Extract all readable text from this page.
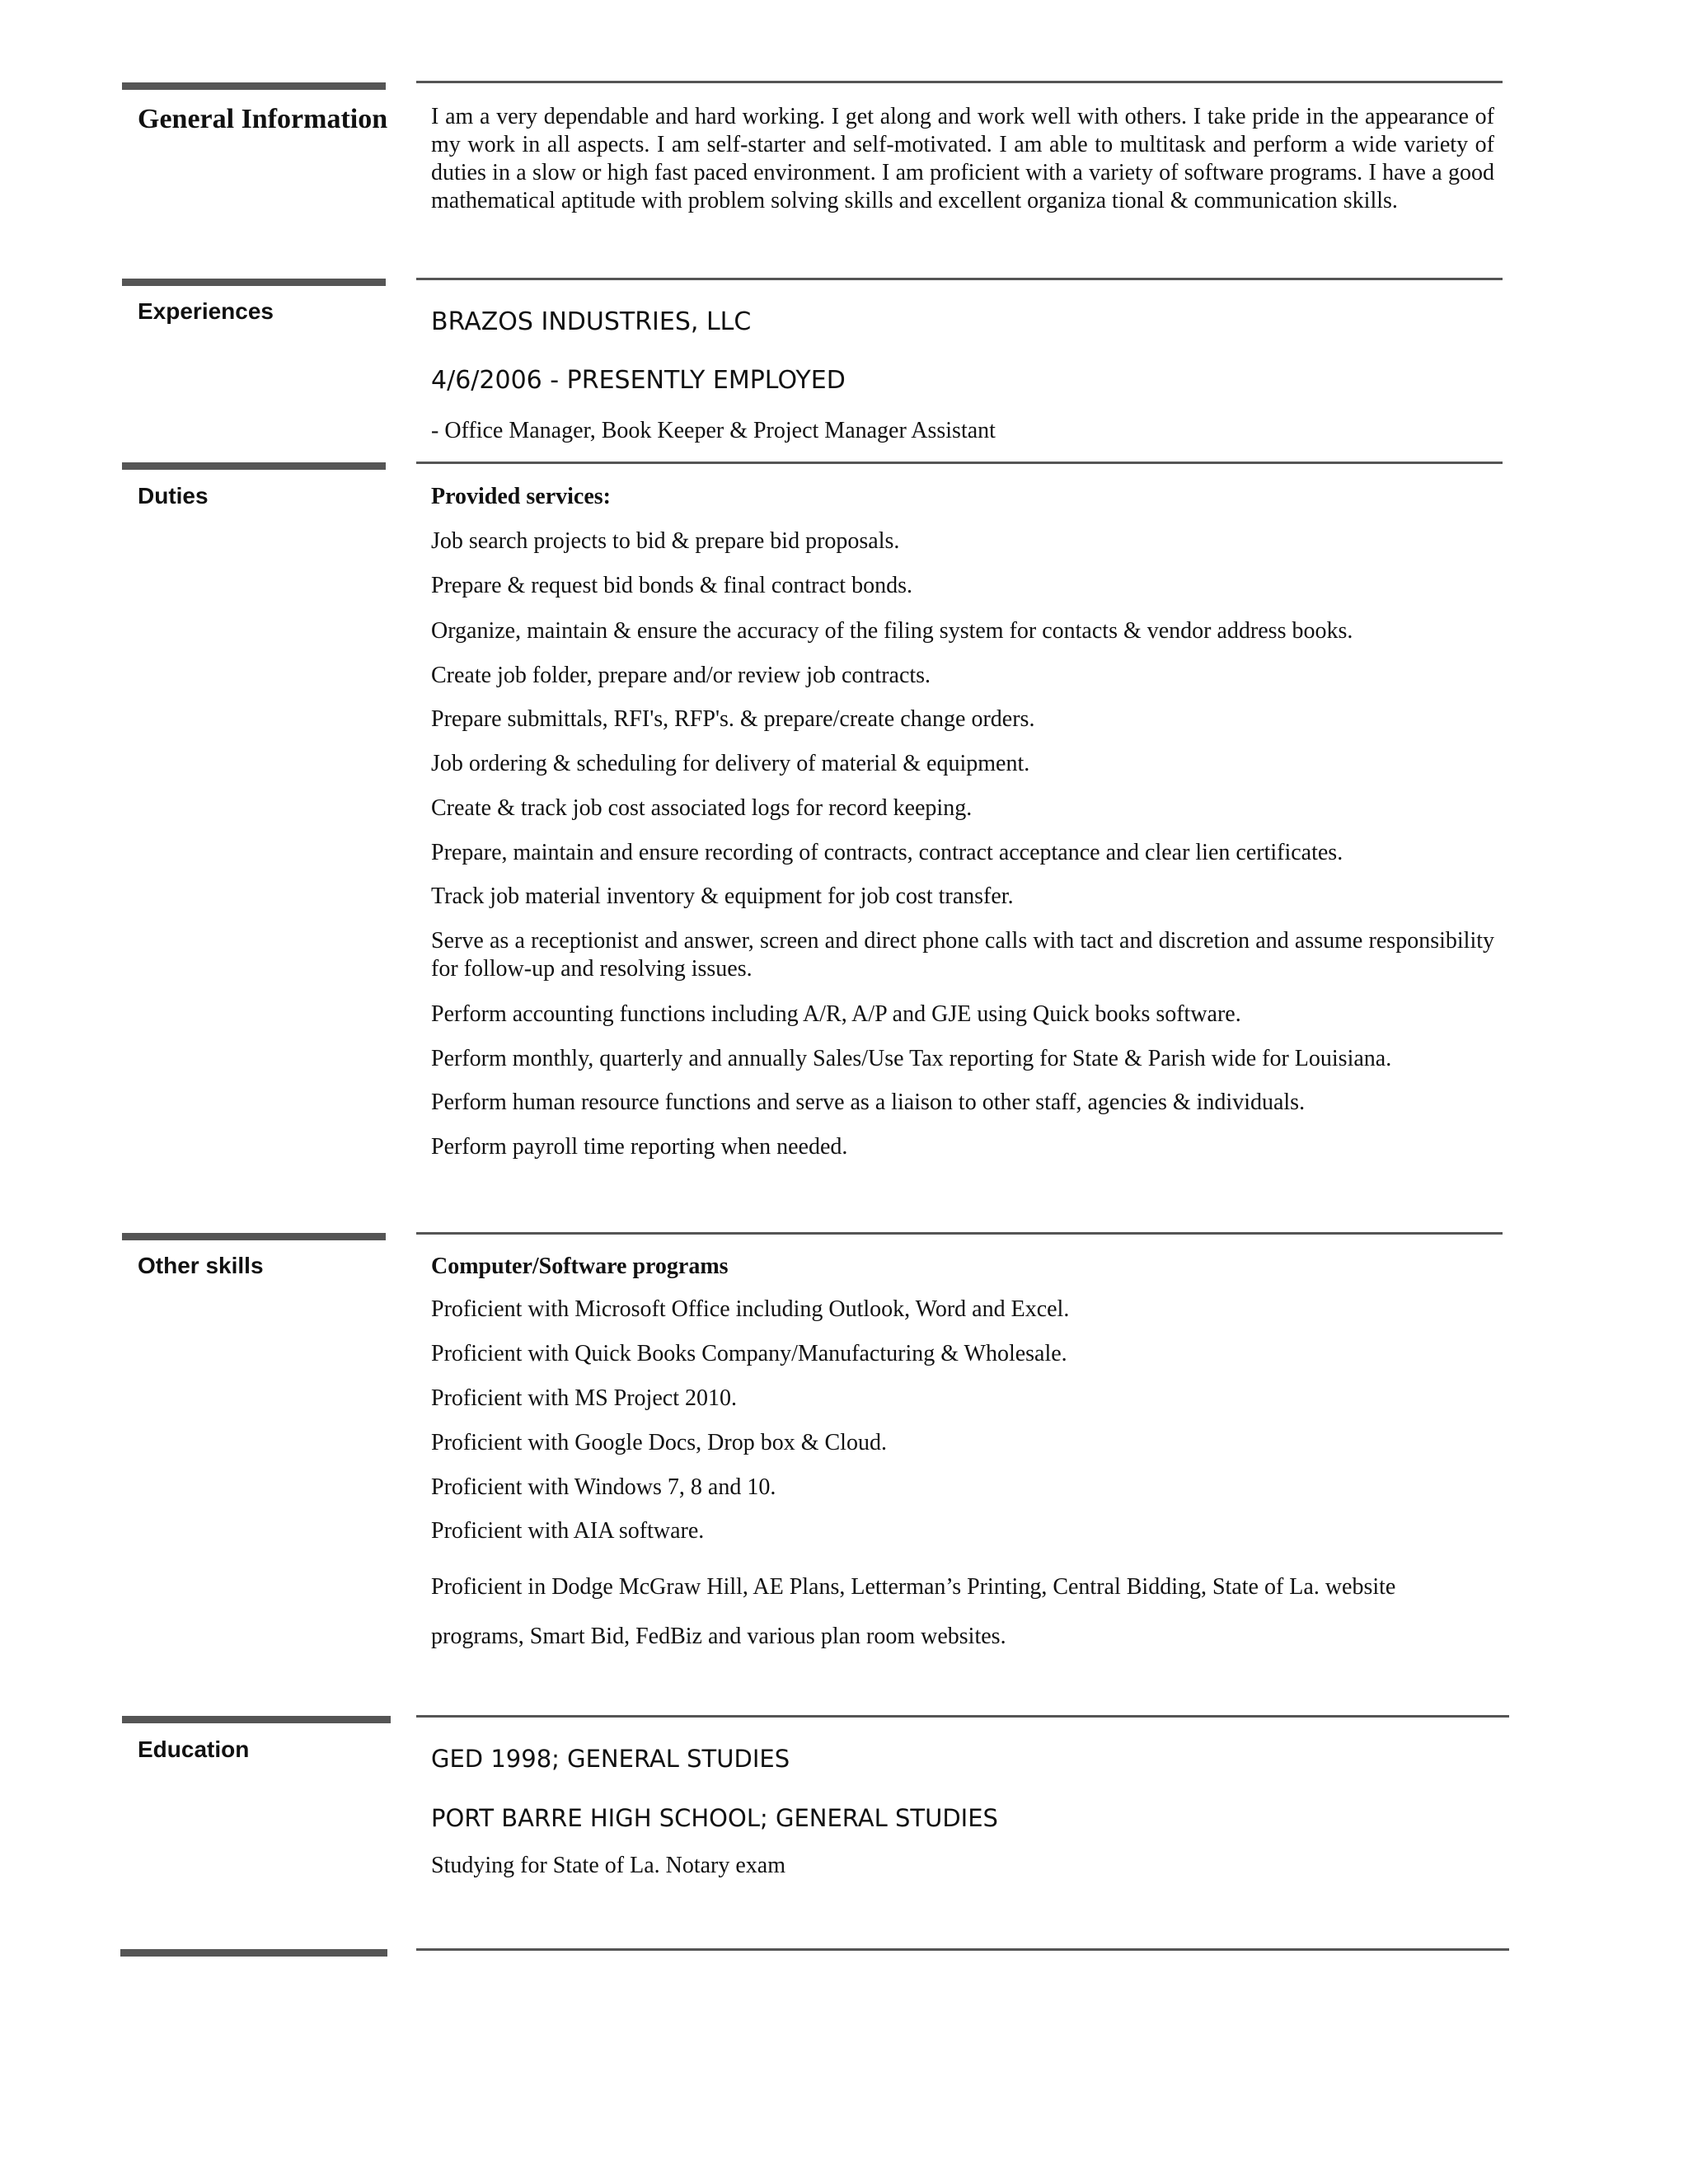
General Information I am a very dependable and hard working. I get along and work well with others. I take pride in the appearance of my work in all aspects. I am self-starter and self-motivated. I am able to multitask and perform a wide variety of duties in a slow or high fast paced environment. I am proficient with a variety of software programs. I have a good mathematical aptitude with problem solving skills and excellent organiza tional & communication skills.
Experiences	BRAZOS INDUSTRIES, LLC
4/6/2006 - PRESENTLY EMPLOYED
- Office Manager, Book Keeper & Project Manager Assistant
Duties	Provided services:
Job search projects to bid & prepare bid proposals.
Prepare & request bid bonds & final contract bonds.
Organize, maintain & ensure the accuracy of the filing system for contacts & vendor address books.
Create job folder, prepare and/or review job contracts.
Prepare submittals, RFI's, RFP's. & prepare/create change orders.
Job ordering & scheduling for delivery of material & equipment.
Create & track job cost associated logs for record keeping.
Prepare, maintain and ensure recording of contracts, contract acceptance and clear lien certificates.
Track job material inventory & equipment for job cost transfer.
Serve as a receptionist and answer, screen and direct phone calls with tact and discretion and assume responsibility for follow-up and resolving issues.
Perform accounting functions including A/R, A/P and GJE using Quick books software.
Perform monthly, quarterly and annually Sales/Use Tax reporting for State & Parish wide for Louisiana.
Perform human resource functions and serve as a liaison to other staff, agencies & individuals.
Perform payroll time reporting when needed.
Other skills	Computer/Software programs
Proficient with Microsoft Office including Outlook, Word and Excel.
Proficient with Quick Books Company/Manufacturing & Wholesale.
Proficient with MS Project 2010.
Proficient with Google Docs, Drop box & Cloud.
Proficient with Windows 7, 8 and 10.
Proficient with AIA software.
Proficient in Dodge McGraw Hill, AE Plans, Letterman’s Printing, Central Bidding, State of La. website
programs, Smart Bid, FedBiz and various plan room websites.
Education	GED 1998; GENERAL STUDIES
PORT BARRE HIGH SCHOOL; GENERAL STUDIES
Studying for State of La. Notary exam
